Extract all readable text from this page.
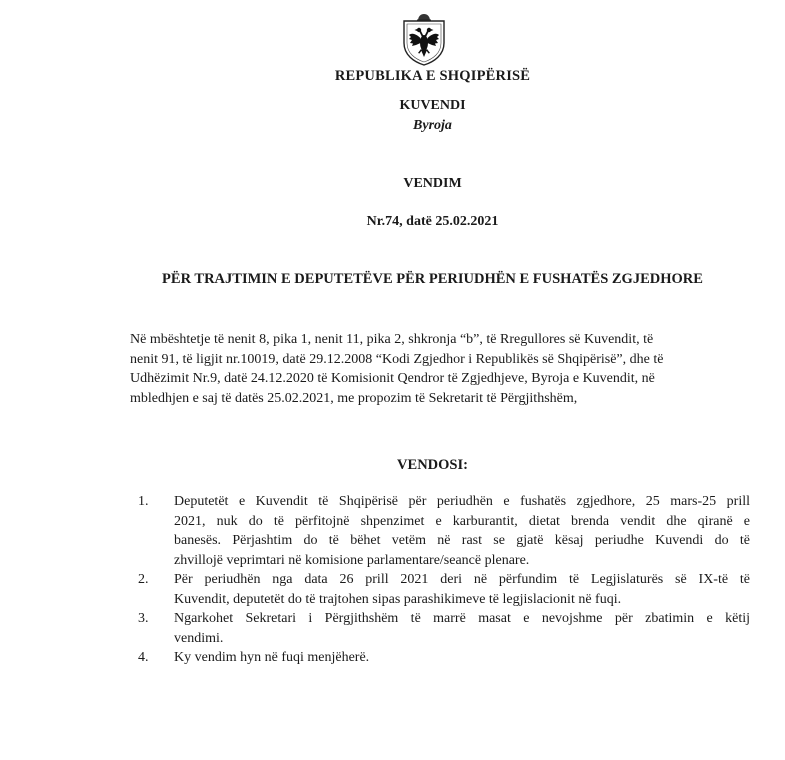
REPUBLIKA E SHQIPËRISË
KUVENDI
Byroja
VENDIM
Nr.74, datë 25.02.2021
PËR TRAJTIMIN E DEPUTETËVE PËR PERIUDHËN E FUSHATËS ZGJEDHORE
Në mbështetje të nenit 8, pika 1, nenit 11, pika 2, shkronja “b”, të Rregullores së Kuvendit, të
nenit 91, të ligjit nr.10019, datë 29.12.2008 “Kodi Zgjedhor i Republikës së Shqipërisë”, dhe të
Udhëzimit Nr.9, datë 24.12.2020 të Komisionit Qendror të Zgjedhjeve, Byroja e Kuvendit, në
mbledhjen e saj të datës 25.02.2021, me propozim të Sekretarit të Përgjithshëm,
VENDOSI:
1.	Deputetët e Kuvendit të Shqipërisë për periudhën e fushatës zgjedhore, 25 mars-25 prill
2021, nuk do të përfitojnë shpenzimet e karburantit, dietat brenda vendit dhe qiranë e
banesës. Përjashtim do të bëhet vetëm në rast se gjatë kësaj periudhe Kuvendi do të
zhvillojë veprimtari në komisione parlamentare/seancë plenare.
2.	Për periudhën nga data 26 prill 2021 deri në përfundim të Legjislaturës së IX-të të
Kuvendit, deputetët do të trajtohen sipas parashikimeve të legjislacionit në fuqi.
3.	Ngarkohet Sekretari i Përgjithshëm të marrë masat e nevojshme për zbatimin e këtij
vendimi.
4.	Ky vendim hyn në fuqi menjëherë.
